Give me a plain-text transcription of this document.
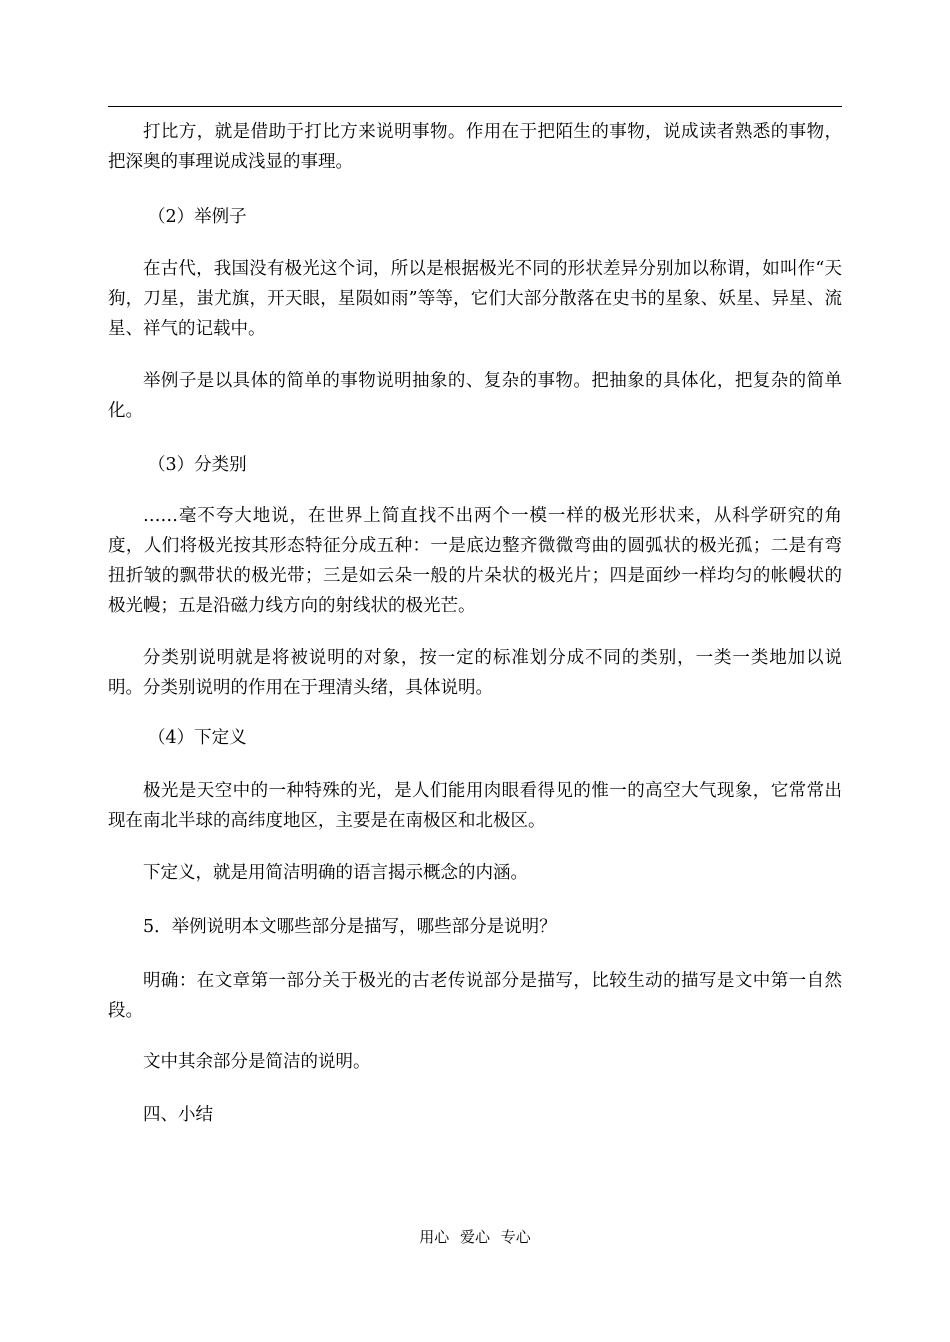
打比方，就是借助于打比方来说明事物。作用在于把陌生的事物，说成读者熟悉的事物，把深奥的事理说成浅显的事理。

（2）举例子

在古代，我国没有极光这个词，所以是根据极光不同的形状差异分别加以称谓，如叫作“天狗，刀星，蚩尤旗，开天眼，星陨如雨”等等，它们大部分散落在史书的星象、妖星、异星、流星、祥气的记载中。

举例子是以具体的简单的事物说明抽象的、复杂的事物。把抽象的具体化，把复杂的简单化。

（3）分类别

……毫不夸大地说，在世界上简直找不出两个一模一样的极光形状来，从科学研究的角度，人们将极光按其形态特征分成五种：一是底边整齐微微弯曲的圆弧状的极光孤；二是有弯扭折皱的飘带状的极光带；三是如云朵一般的片朵状的极光片；四是面纱一样均匀的帐幔状的极光幔；五是沿磁力线方向的射线状的极光芒。

分类别说明就是将被说明的对象，按一定的标准划分成不同的类别，一类一类地加以说明。分类别说明的作用在于理清头绪，具体说明。

（4）下定义

极光是天空中的一种特殊的光，是人们能用肉眼看得见的惟一的高空大气现象，它常常出现在南北半球的高纬度地区，主要是在南极区和北极区。

下定义，就是用简洁明确的语言揭示概念的内涵。

5．举例说明本文哪些部分是描写，哪些部分是说明？

明确：在文章第一部分关于极光的古老传说部分是描写，比较生动的描写是文中第一自然段。

文中其余部分是简洁的说明。

四、小结

用心 爱心 专心
